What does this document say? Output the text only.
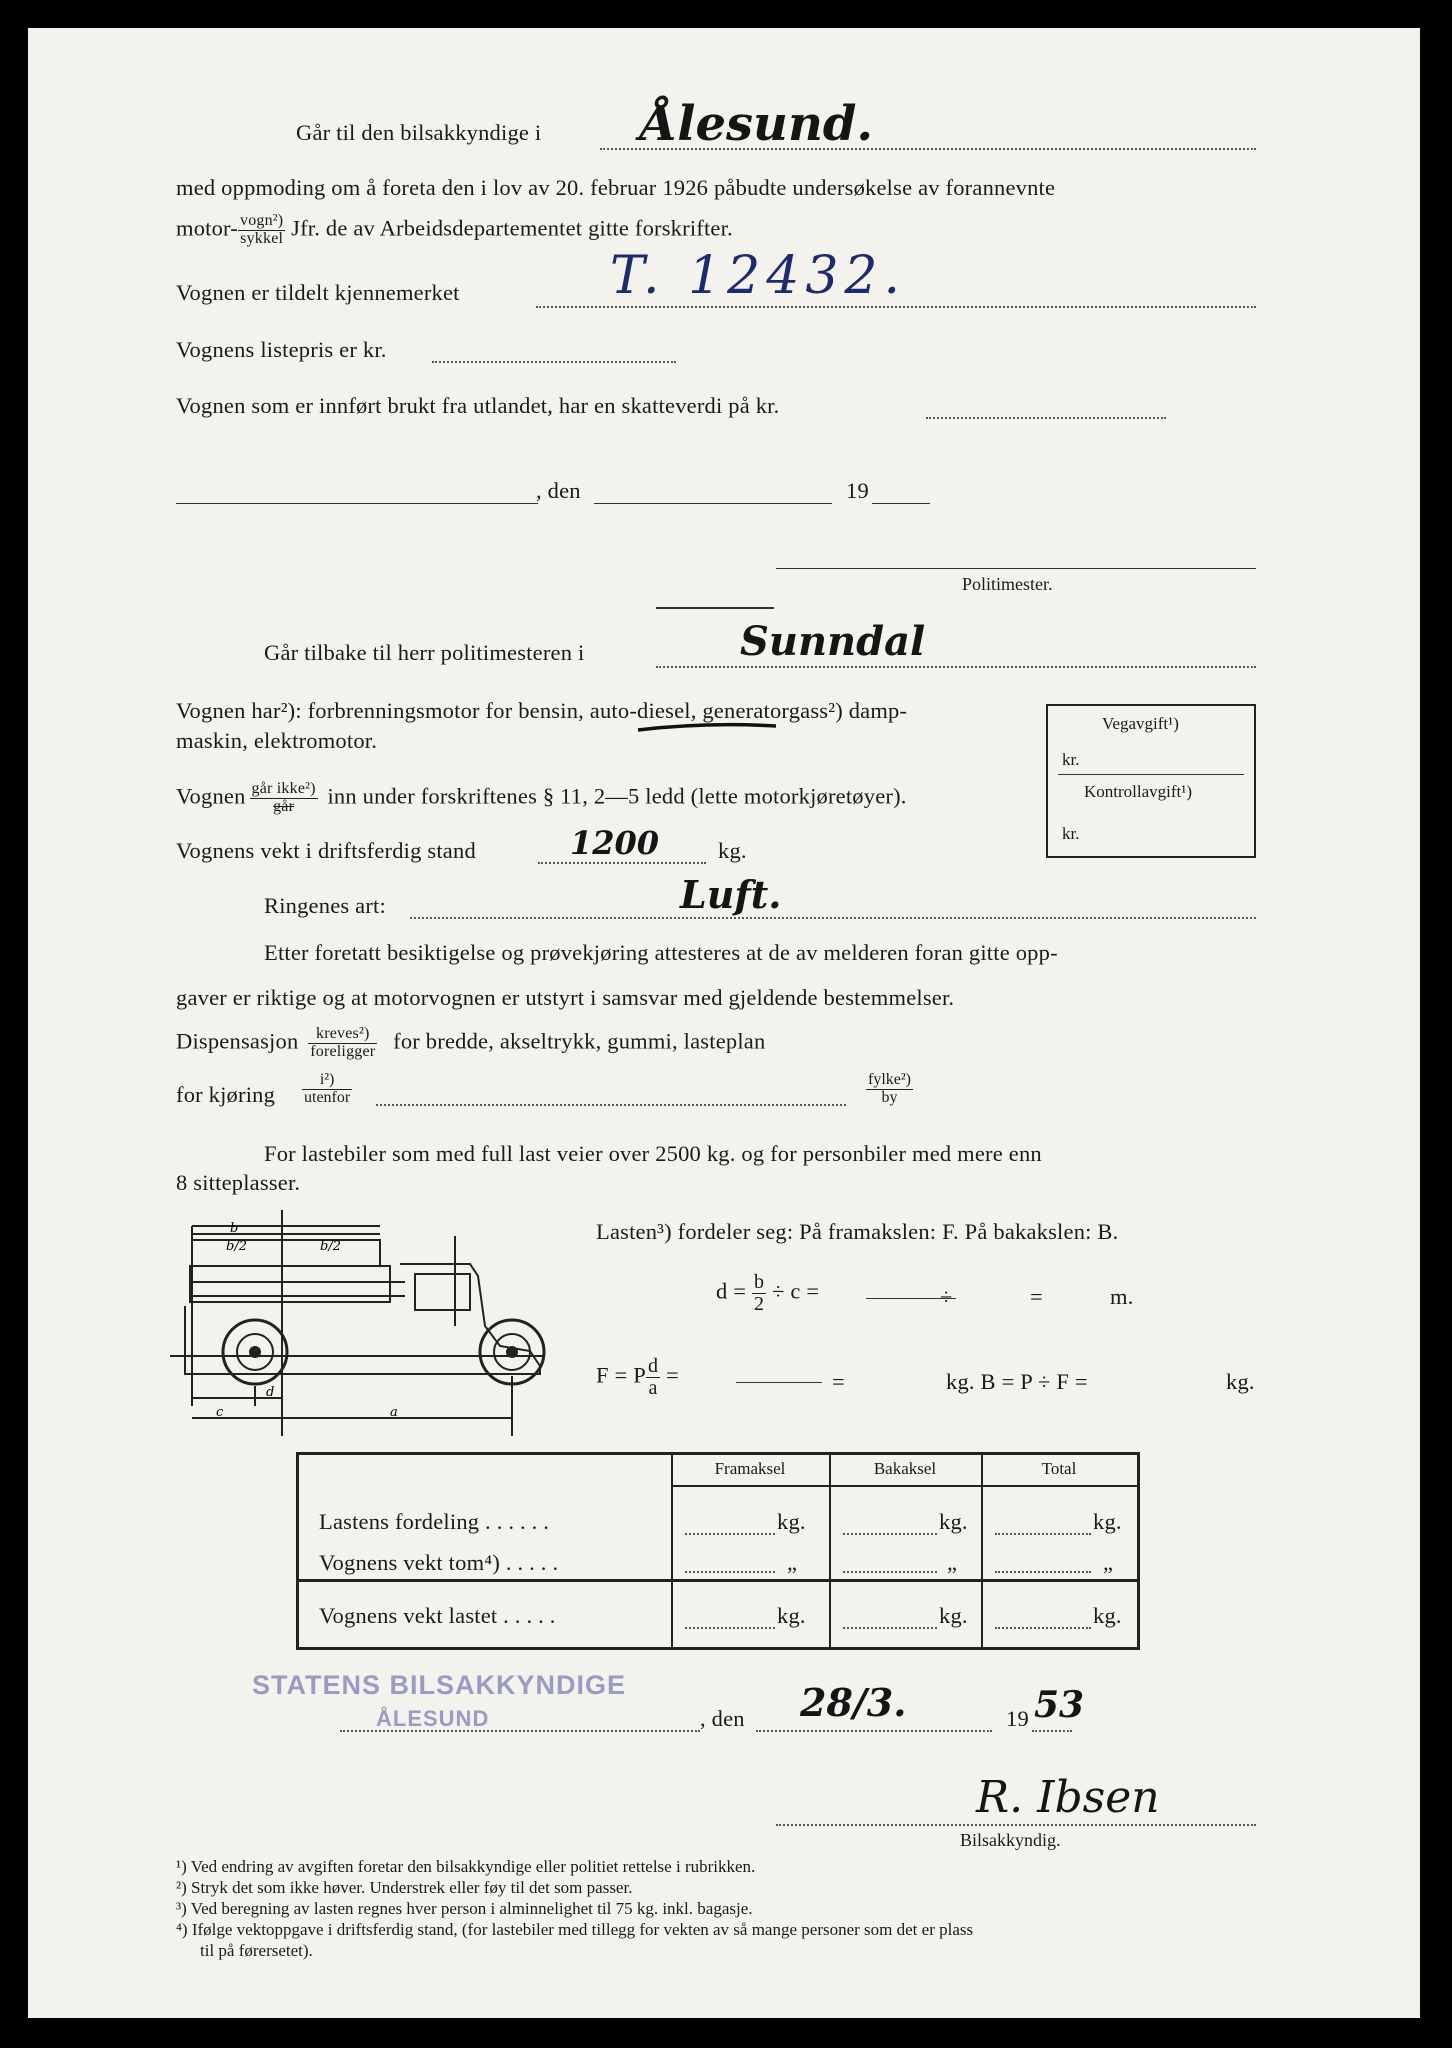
Går til den bilsakkyndige i Ålesund.
med oppmoding om å foreta den i lov av 20. februar 1926 påbudte undersøkelse av forannevnte
motor- $\frac{\text{vogn²)}}{\text{sykkel}}$ Jfr. de av Arbeidsdepartementet gitte forskrifter.
Vognen er tildelt kjennemerket	T. 12432.
Vognens listepris er kr.
Vognen som er innført brukt fra utlandet, har en skatteverdi på kr.
, den	19
Politimester.
Går tilbake til herr politimesteren i	Sunndal
Vognen har²): forbrenningsmotor for bensin, auto-diesel, generatorgass²) damp-
maskin, elektromotor.
Vegavgift¹)
kr.
Kontrollavgift¹)
kr.
Vognen $\frac{\text{går ikke²)}}{\text{går}}$ inn under forskriftenes § 11, 2—5 ledd (lette motorkjøretøyer).
Vognens vekt i driftsferdig stand	1200	kg.
Ringenes art:	Luft.
Etter foretatt besiktigelse og prøvekjøring attesteres at de av melderen foran gitte opp-
gaver er riktige og at motorvognen er utstyrt i samsvar med gjeldende bestemmelser.
Dispensasjon $\frac{\text{kreves²)}}{\text{foreligger}}$ for bredde, akseltrykk, gummi, lasteplan
for kjøring $\frac{\text{i²)}}{\text{utenfor}}$	$\frac{\text{fylke²)}}{by}$
For lastebiler som med full last veier over 2500 kg. og for personbiler med mere enn
8 sitteplasser.
b
b/2	b/2
c
d
a
Lasten³) fordeler seg: På framakslen: F. På bakakslen: B.
$d = \frac{b}{2} \div c$ =	÷	=	m.
F = P $\frac{d}{a}$ =	=	kg. B = P ÷ F =	kg.
Framaksel	Bakaksel	Total
Lastens fordeling . . . . . .	kg.	kg.	kg.
Vognens vekt tom⁴) . . . . .	„	„	„
Vognens vekt lastet . . . . .	kg.	kg.	kg.
STATENS BILSAKKYNDIGE
ÅLESUND	, den 28/3.	19 53
R. Ibsen
Bilsakkyndig.
¹) Ved endring av avgiften foretar den bilsakkyndige eller politiet rettelse i rubrikken.
²) Stryk det som ikke høver. Understrek eller føy til det som passer.
³) Ved beregning av lasten regnes hver person i alminnelighet til 75 kg. inkl. bagasje.
⁴) Ifølge vektoppgave i driftsferdig stand, (for lastebiler med tillegg for vekten av så mange personer som det er plass
til på førersetet).
